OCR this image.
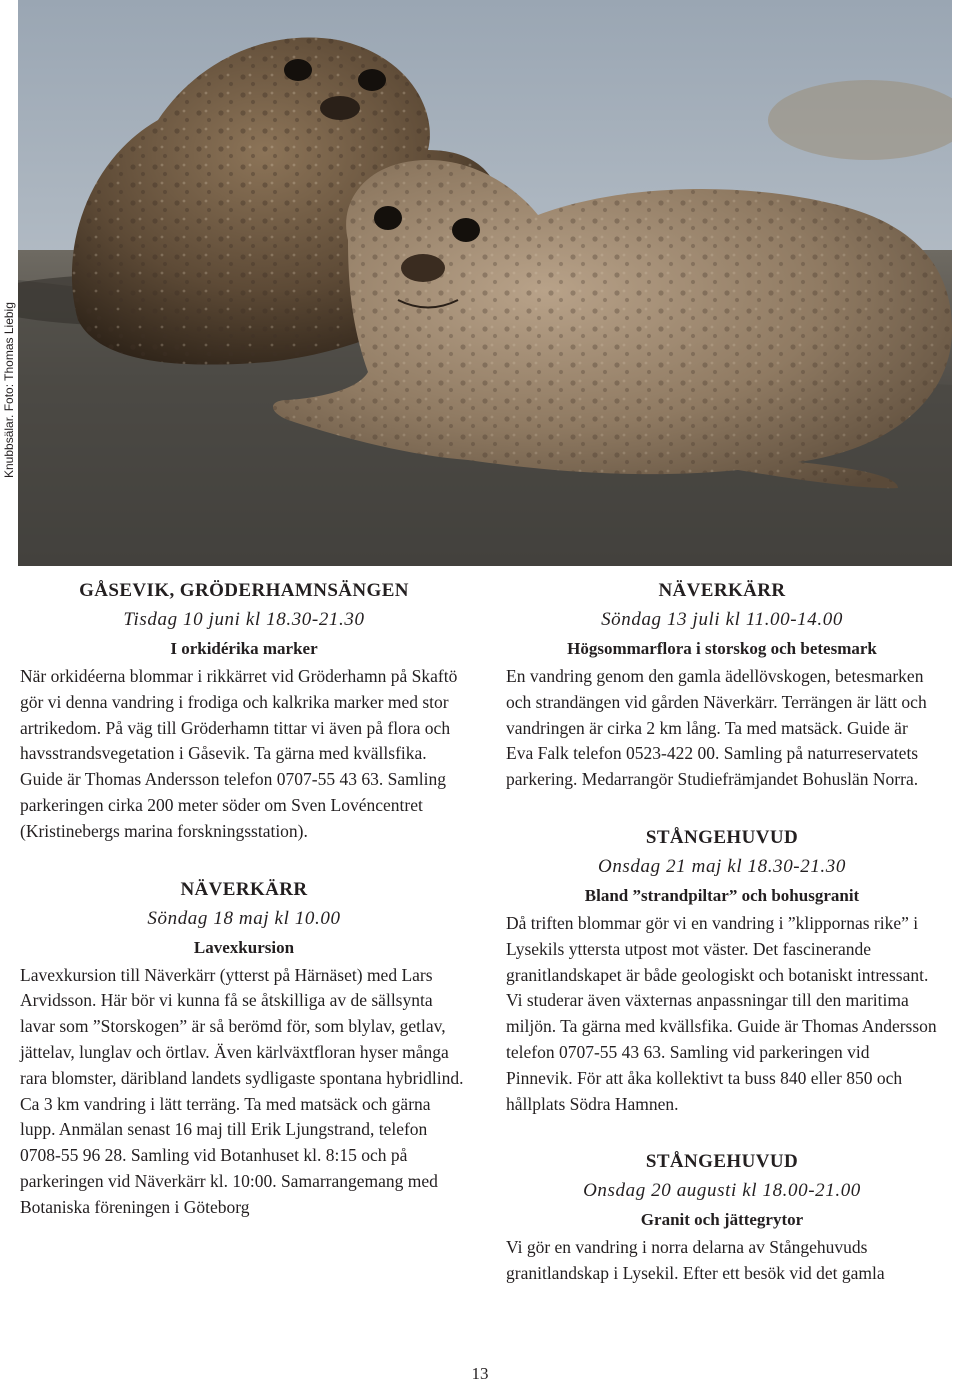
Knubbsälar. Foto: Thomas Liebig
GÅSEVIK, GRÖDERHAMNSÄNGEN

Tisdag 10 juni kl 18.30-21.30

I orkidérika marker

När orkidéerna blommar i rikkärret vid Gröderhamn på Skaftö gör vi denna vandring i frodiga och kalkrika marker med stor artrikedom. På väg till Gröderhamn tittar vi även på flora och havsstrandsvegetation i Gåsevik. Ta gärna med kvällsfika. Guide är Thomas Andersson telefon 0707-55 43 63. Samling parkeringen cirka 200 meter söder om Sven Lovéncentret (Kristinebergs marina forskningsstation).

NÄVERKÄRR

Söndag 18 maj kl 10.00

Lavexkursion

Lavexkursion till Näverkärr (ytterst på Härnäset) med Lars Arvidsson. Här bör vi kunna få se åtskilliga av de sällsynta lavar som ”Storskogen” är så berömd för, som blylav, getlav, jättelav, lunglav och örtlav. Även kärlväxtfloran hyser många rara blomster, däribland landets sydligaste spontana hybridlind. Ca 3 km vandring i lätt terräng. Ta med matsäck och gärna lupp. Anmälan senast 16 maj till Erik Ljungstrand, telefon 0708-55 96 28. Samling vid Botanhuset kl. 8:15 och på parkeringen vid Näverkärr kl. 10:00. Samarrangemang med Botaniska föreningen i Göteborg

NÄVERKÄRR

Söndag 13 juli kl 11.00-14.00

Högsommarflora i storskog och betesmark

En vandring genom den gamla ädellövskogen, betesmarken och strandängen vid gården Näverkärr. Terrängen är lätt och vandringen är cirka 2 km lång. Ta med matsäck. Guide är Eva Falk telefon 0523-422 00. Samling på naturreservatets parkering. Medarrangör Studiefrämjandet Bohuslän Norra.

STÅNGEHUVUD

Onsdag 21 maj kl 18.30-21.30

Bland ”strandpiltar” och bohusgranit

Då triften blommar gör vi en vandring i ”klippornas rike” i Lysekils yttersta utpost mot väster. Det fascinerande granitlandskapet är både geologiskt och botaniskt intressant. Vi studerar även växternas anpassningar till den maritima miljön. Ta gärna med kvällsfika. Guide är Thomas Andersson telefon 0707-55 43 63. Samling vid parkeringen vid Pinnevik. För att åka kollektivt ta buss 840 eller 850 och hållplats Södra Hamnen.

STÅNGEHUVUD

Onsdag 20 augusti kl 18.00-21.00

Granit och jättegrytor

Vi gör en vandring i norra delarna av Stångehuvuds granitlandskap i Lysekil. Efter ett besök vid det gamla

13
